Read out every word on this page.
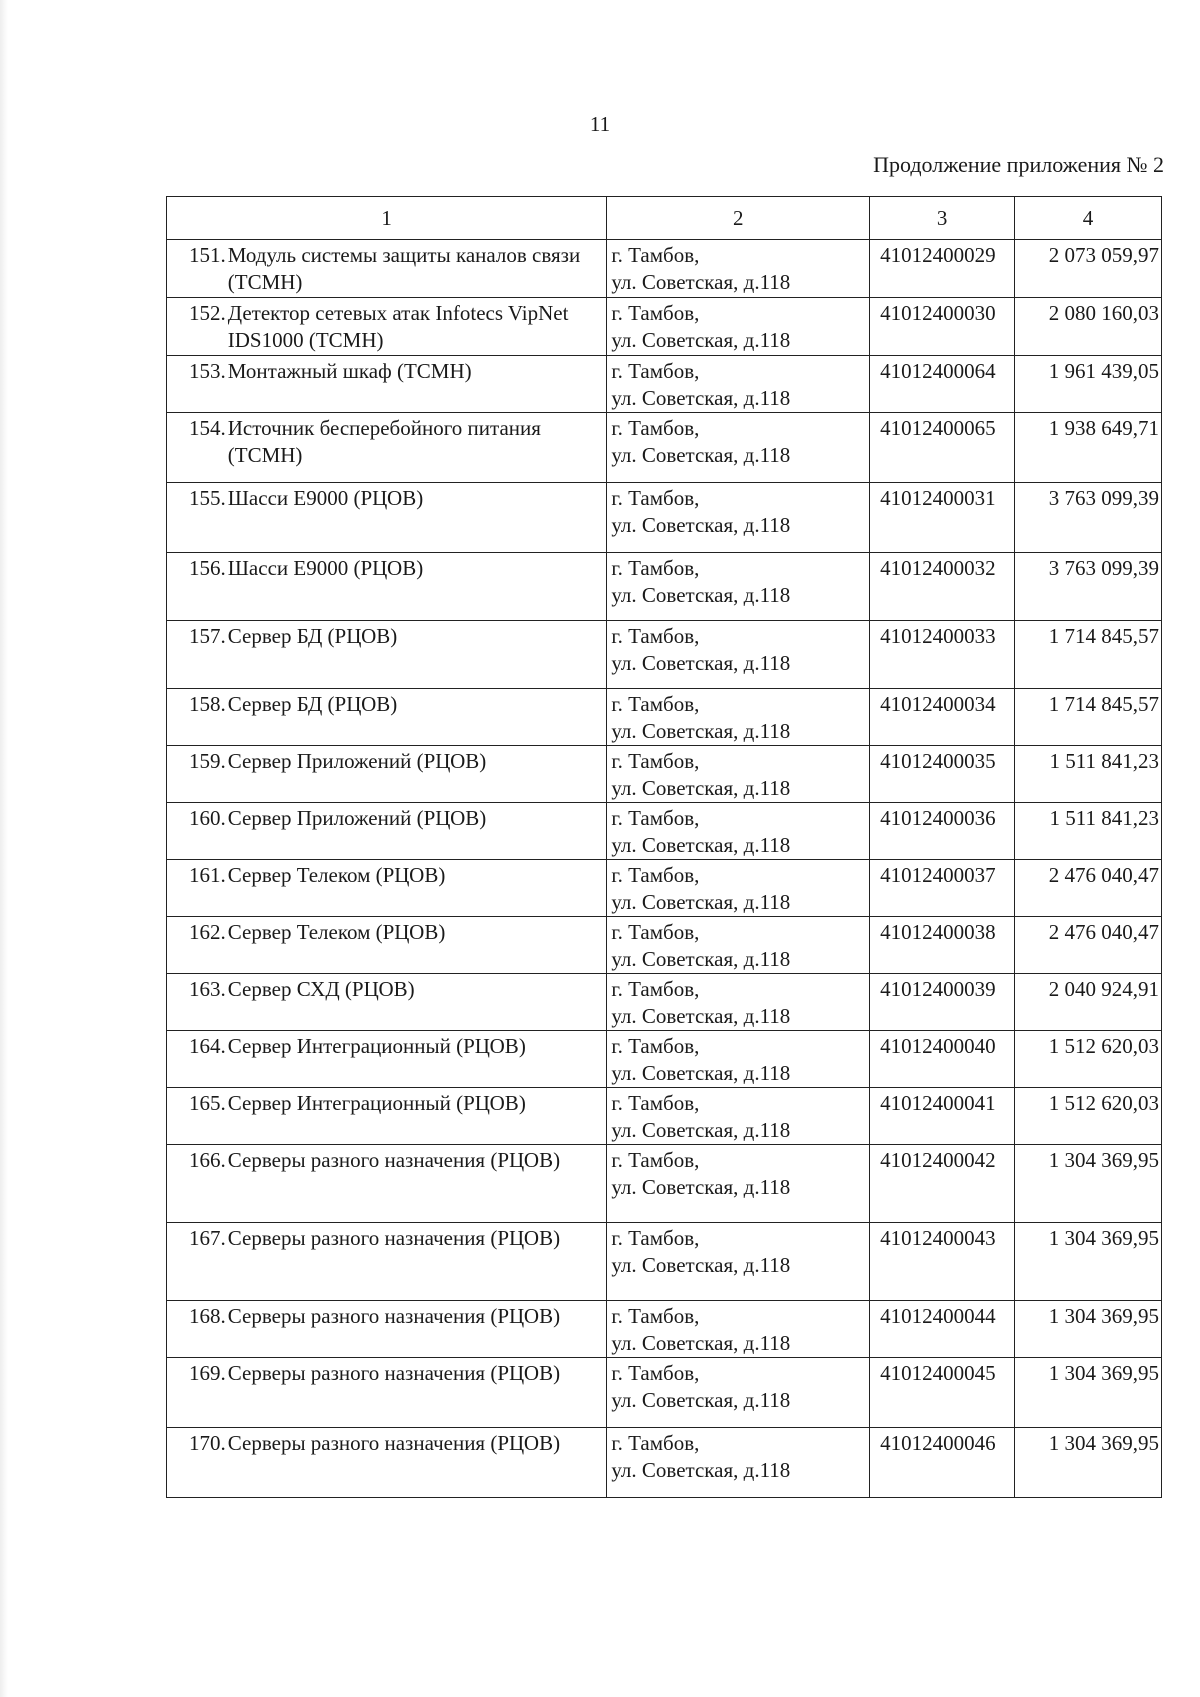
11
Продолжение приложения № 2
1	2	3	4

151. Модуль системы защиты каналов связи (ТСМН)	г. Тамбов,
ул. Советская, д.118	41012400029	2 073 059,97

152. Детектор сетевых атак Infotecs VipNet IDS1000 (ТСМН)	г. Тамбов,
ул. Советская, д.118	41012400030	2 080 160,03

153. Монтажный шкаф (ТСМН)	г. Тамбов,
ул. Советская, д.118	41012400064	1 961 439,05

154. Источник бесперебойного питания (ТСМН)	г. Тамбов,
ул. Советская, д.118	41012400065	1 938 649,71

155. Шасси E9000 (РЦОВ)	г. Тамбов,
ул. Советская, д.118	41012400031	3 763 099,39

156. Шасси E9000 (РЦОВ)	г. Тамбов,
ул. Советская, д.118	41012400032	3 763 099,39

157. Сервер БД (РЦОВ)	г. Тамбов,
ул. Советская, д.118	41012400033	1 714 845,57

158. Сервер БД (РЦОВ)	г. Тамбов,
ул. Советская, д.118	41012400034	1 714 845,57

159. Сервер Приложений (РЦОВ)	г. Тамбов,
ул. Советская, д.118	41012400035	1 511 841,23

160. Сервер Приложений (РЦОВ)	г. Тамбов,
ул. Советская, д.118	41012400036	1 511 841,23

161. Сервер Телеком (РЦОВ)	г. Тамбов,
ул. Советская, д.118	41012400037	2 476 040,47

162. Сервер Телеком (РЦОВ)	г. Тамбов,
ул. Советская, д.118	41012400038	2 476 040,47

163. Сервер СХД (РЦОВ)	г. Тамбов,
ул. Советская, д.118	41012400039	2 040 924,91

164. Сервер Интеграционный (РЦОВ)	г. Тамбов,
ул. Советская, д.118	41012400040	1 512 620,03

165. Сервер Интеграционный (РЦОВ)	г. Тамбов,
ул. Советская, д.118	41012400041	1 512 620,03

166. Серверы разного назначения (РЦОВ)	г. Тамбов,
ул. Советская, д.118	41012400042	1 304 369,95

167. Серверы разного назначения (РЦОВ)	г. Тамбов,
ул. Советская, д.118	41012400043	1 304 369,95

168. Серверы разного назначения (РЦОВ)	г. Тамбов,
ул. Советская, д.118	41012400044	1 304 369,95

169. Серверы разного назначения (РЦОВ)	г. Тамбов,
ул. Советская, д.118	41012400045	1 304 369,95

170. Серверы разного назначения (РЦОВ)	г. Тамбов,
ул. Советская, д.118	41012400046	1 304 369,95
